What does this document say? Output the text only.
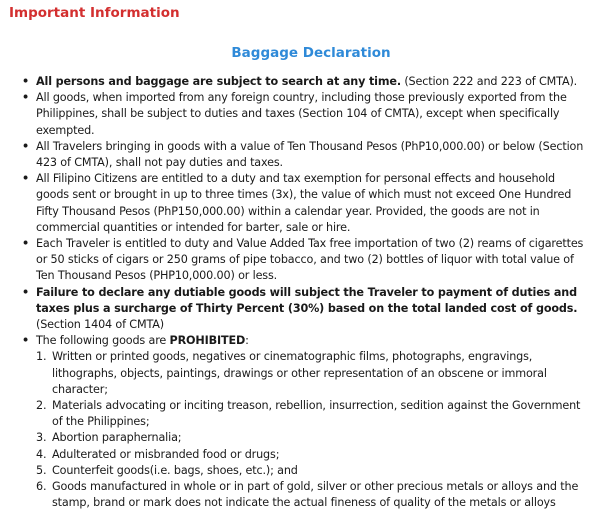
Important Information
Baggage Declaration
• All persons and baggage are subject to search at any time. (Section 222 and 223 of CMTA).
• All goods, when imported from any foreign country, including those previously exported from the Philippines, shall be subject to duties and taxes (Section 104 of CMTA), except when specifically exempted.
• All Travelers bringing in goods with a value of Ten Thousand Pesos (PhP10,000.00) or below (Section 423 of CMTA), shall not pay duties and taxes.
• All Filipino Citizens are entitled to a duty and tax exemption for personal effects and household goods sent or brought in up to three times (3x), the value of which must not exceed One Hundred Fifty Thousand Pesos (PhP150,000.00) within a calendar year. Provided, the goods are not in commercial quantities or intended for barter, sale or hire.
• Each Traveler is entitled to duty and Value Added Tax free importation of two (2) reams of cigarettes or 50 sticks of cigars or 250 grams of pipe tobacco, and two (2) bottles of liquor with total value of Ten Thousand Pesos (PHP10,000.00) or less.
• Failure to declare any dutiable goods will subject the Traveler to payment of duties and taxes plus a surcharge of Thirty Percent (30%) based on the total landed cost of goods. (Section 1404 of CMTA)
• The following goods are PROHIBITED:
1. Written or printed goods, negatives or cinematographic films, photographs, engravings, lithographs, objects, paintings, drawings or other representation of an obscene or immoral character;
2. Materials advocating or inciting treason, rebellion, insurrection, sedition against the Government of the Philippines;
3. Abortion paraphernalia;
4. Adulterated or misbranded food or drugs;
5. Counterfeit goods(i.e. bags, shoes, etc.); and
6. Goods manufactured in whole or in part of gold, silver or other precious metals or alloys and the stamp, brand or mark does not indicate the actual fineness of quality of the metals or alloys
